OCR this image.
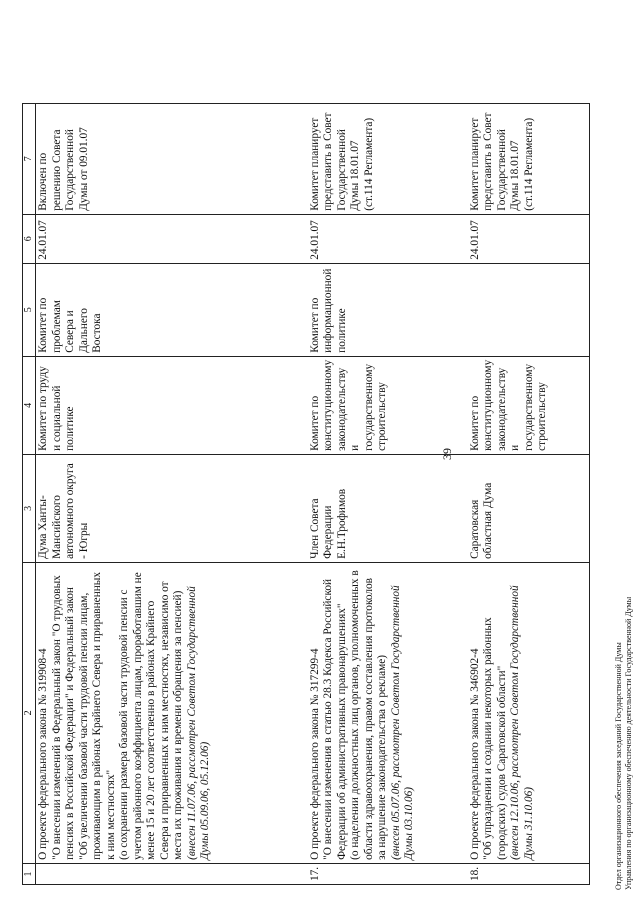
39
1	2	3	4	5	6	7

	О проекте федерального закона № 319908-4 "О внесении изменений в Федеральный закон "О трудовых пенсиях в Российской Федерации" и Федеральный закон "Об увеличении базовой части трудовой пенсии лицам, проживающим в районах Крайнего Севера и приравненных к ним местностях" (о сохранении размера базовой части трудовой пенсии с учетом районного коэффициента лицам, проработавшим не менее 15 и 20 лет соответственно в районах Крайнего Севера и приравненных к ним местностях, независимо от места их проживания и времени обращения за пенсией) (внесен 11.07.06, рассмотрен Советом Государственной Думы 05.09.06, 05.12.06)	Дума Ханты-Мансийского автономного округа - Югры	Комитет по труду и социальной политике	Комитет по проблемам Севера и Дальнего Востока	24.01.07	Включен по решению Совета Государственной Думы от 09.01.07
17.	О проекте федерального закона № 317299-4 "О внесении изменения в статью 28.3 Кодекса Российской Федерации об административных правонарушениях" (о наделении должностных лиц органов, уполномоченных в области здравоохранения, правом составления протоколов за нарушение законодательства о рекламе) (внесен 05.07.06, рассмотрен Советом Государственной Думы 03.10.06)	Член Совета Федерации Е.Н.Трофимов	Комитет по конституционному законодательству и государственному строительству	Комитет по информационной политике	24.01.07	Комитет планирует представить в Совет Государственной Думы 18.01.07 (ст.114 Регламента)
18.	О проекте федерального закона № 346902-4 "Об упразднении и создании некоторых районных (городских) судов Саратовской области" (внесен 12.10.06, рассмотрен Советом Государственной Думы 31.10.06)	Саратовская областная Дума	Комитет по конституционному законодательству и государственному строительству		24.01.07	Комитет планирует представить в Совет Государственной Думы 18.01.07 (ст.114 Регламента)
Отдел организационного обеспечения заседаний Государственной Думы Управления по организационному обеспечению деятельности Государственной Думы
